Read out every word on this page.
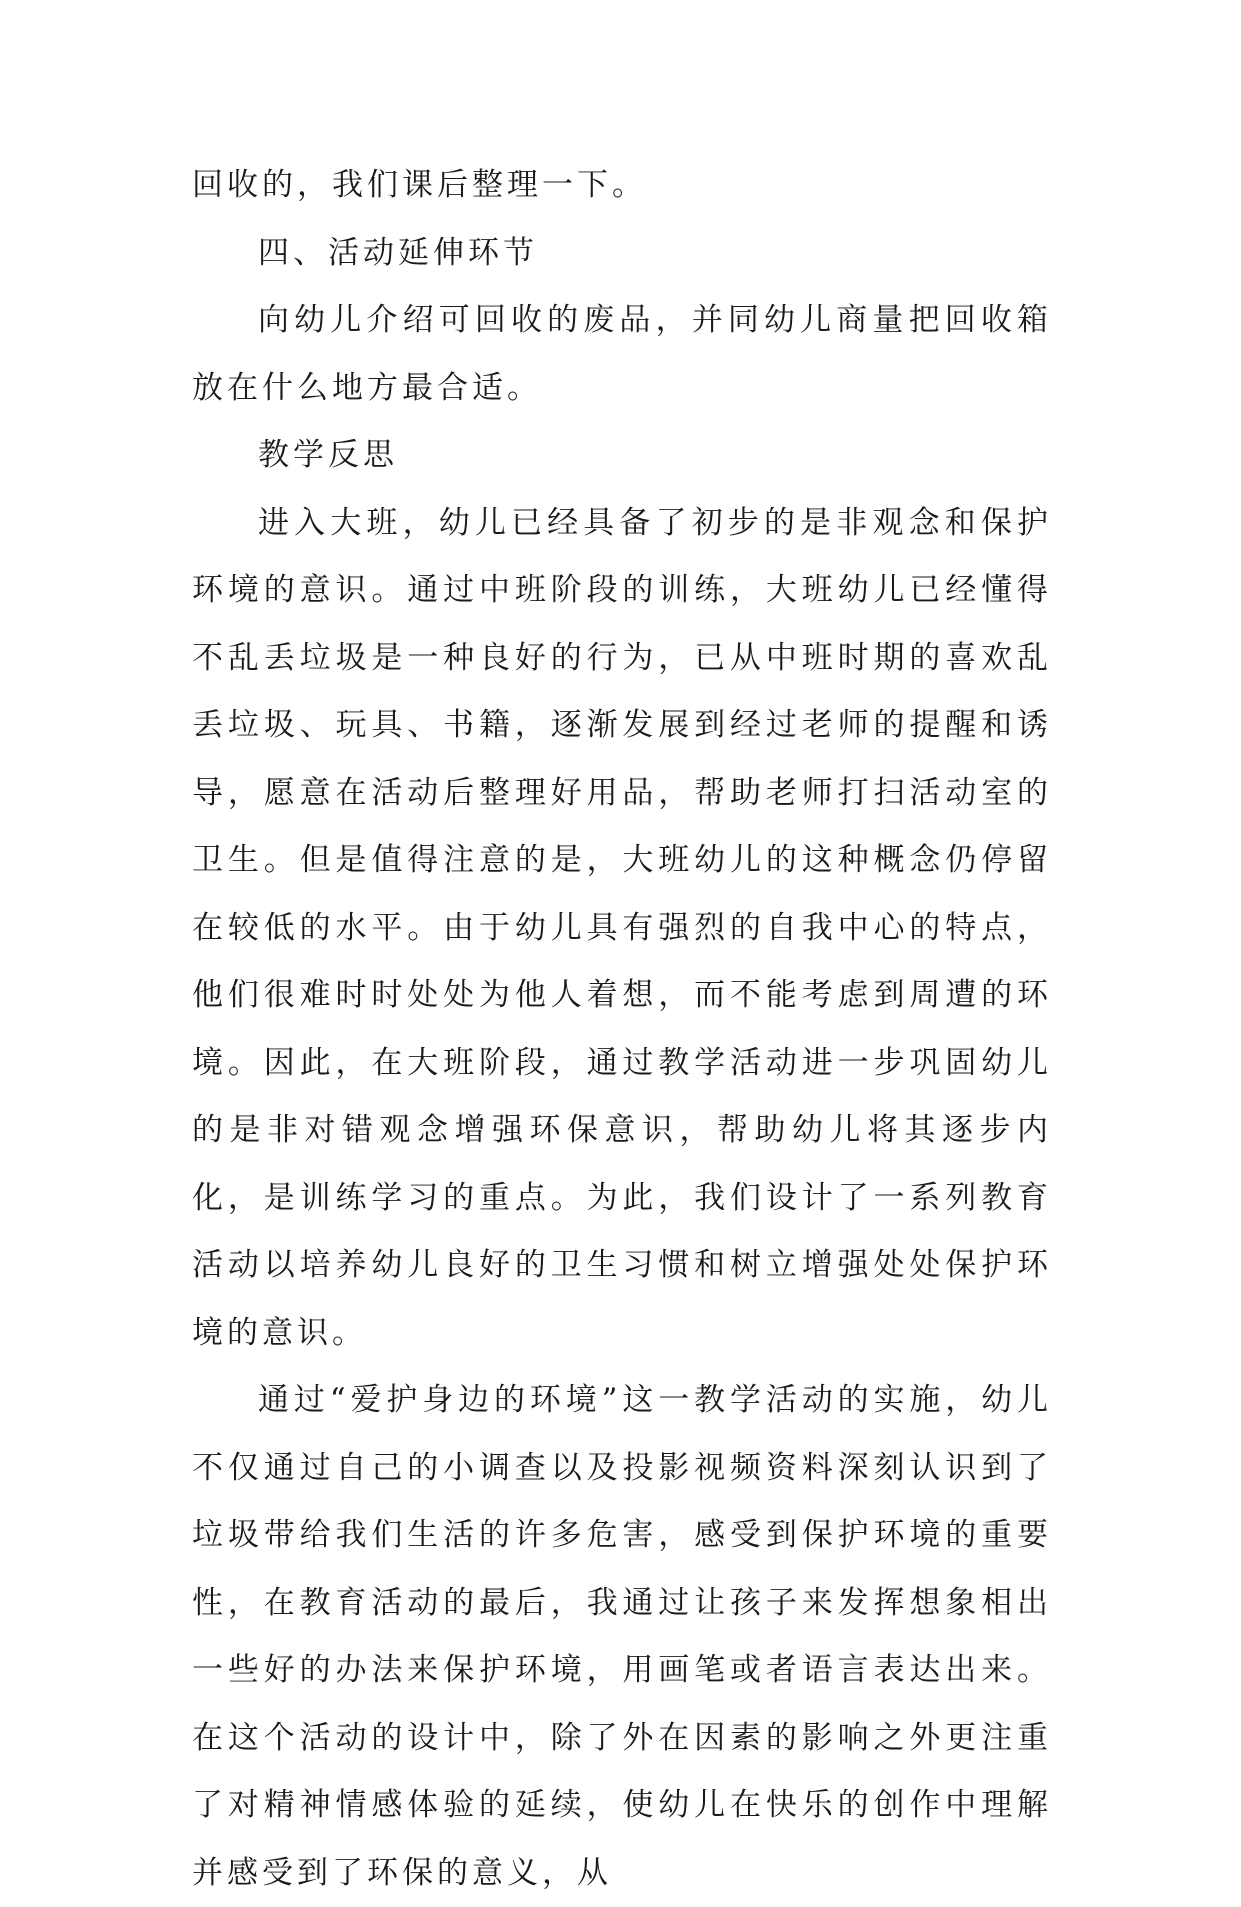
回收的，我们课后整理一下。

四、活动延伸环节

向幼儿介绍可回收的废品，并同幼儿商量把回收箱放在什么地方最合适。

教学反思

进入大班，幼儿已经具备了初步的是非观念和保护环境的意识。通过中班阶段的训练，大班幼儿已经懂得不乱丢垃圾是一种良好的行为，已从中班时期的喜欢乱丢垃圾、玩具、书籍，逐渐发展到经过老师的提醒和诱导，愿意在活动后整理好用品，帮助老师打扫活动室的卫生。但是值得注意的是，大班幼儿的这种概念仍停留在较低的水平。由于幼儿具有强烈的自我中心的特点，他们很难时时处处为他人着想，而不能考虑到周遭的环境。因此，在大班阶段，通过教学活动进一步巩固幼儿的是非对错观念增强环保意识，帮助幼儿将其逐步内化，是训练学习的重点。为此，我们设计了一系列教育活动以培养幼儿良好的卫生习惯和树立增强处处保护环境的意识。

通过“爱护身边的环境”这一教学活动的实施，幼儿不仅通过自己的小调查以及投影视频资料深刻认识到了垃圾带给我们生活的许多危害，感受到保护环境的重要性，在教育活动的最后，我通过让孩子来发挥想象相出一些好的办法来保护环境，用画笔或者语言表达出来。在这个活动的设计中，除了外在因素的影响之外更注重了对精神情感体验的延续，使幼儿在快乐的创作中理解并感受到了环保的意义，从
